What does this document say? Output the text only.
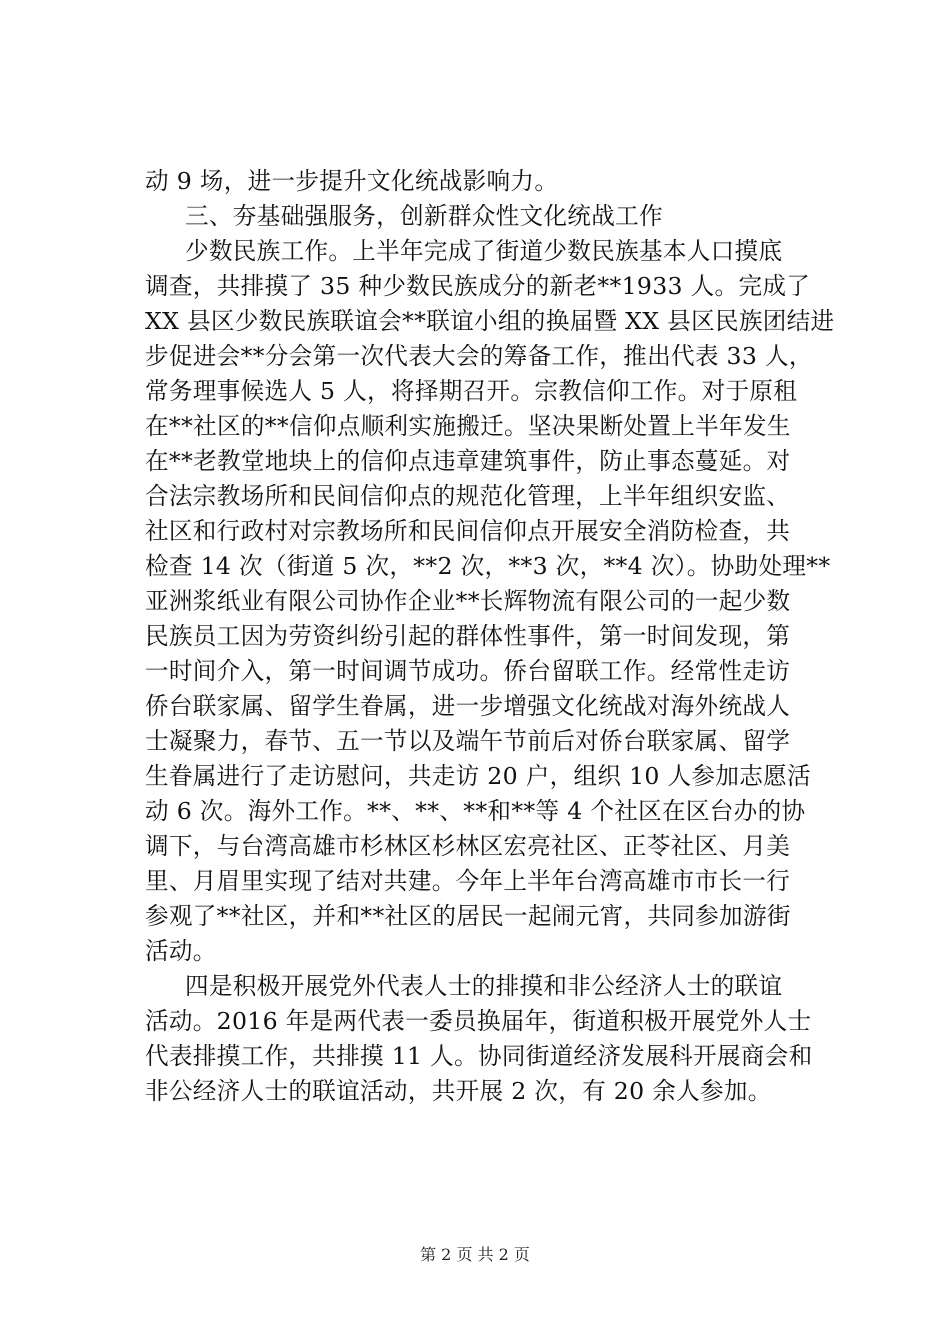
动 9 场，进一步提升文化统战影响力。
三、夯基础强服务，创新群众性文化统战工作
少数民族工作。上半年完成了街道少数民族基本人口摸底
调查，共排摸了 35 种少数民族成分的新老**1933 人。完成了
XX 县区少数民族联谊会**联谊小组的换届暨 XX 县区民族团结进
步促进会**分会第一次代表大会的筹备工作，推出代表 33 人，
常务理事候选人 5 人，将择期召开。宗教信仰工作。对于原租
在**社区的**信仰点顺利实施搬迁。坚决果断处置上半年发生
在**老教堂地块上的信仰点违章建筑事件，防止事态蔓延。对
合法宗教场所和民间信仰点的规范化管理，上半年组织安监、
社区和行政村对宗教场所和民间信仰点开展安全消防检查，共
检查 14 次（街道 5 次，**2 次，**3 次，**4 次）。协助处理**
亚洲浆纸业有限公司协作企业**长辉物流有限公司的一起少数
民族员工因为劳资纠纷引起的群体性事件，第一时间发现，第
一时间介入，第一时间调节成功。侨台留联工作。经常性走访
侨台联家属、留学生眷属，进一步增强文化统战对海外统战人
士凝聚力，春节、五一节以及端午节前后对侨台联家属、留学
生眷属进行了走访慰问，共走访 20 户，组织 10 人参加志愿活
动 6 次。海外工作。**、**、**和**等 4 个社区在区台办的协
调下，与台湾高雄市杉林区杉林区宏亮社区、正苓社区、月美
里、月眉里实现了结对共建。今年上半年台湾高雄市市长一行
参观了**社区，并和**社区的居民一起闹元宵，共同参加游街
活动。
四是积极开展党外代表人士的排摸和非公经济人士的联谊
活动。2016 年是两代表一委员换届年，街道积极开展党外人士
代表排摸工作，共排摸 11 人。协同街道经济发展科开展商会和
非公经济人士的联谊活动，共开展 2 次，有 20 余人参加。
第 2 页 共 2 页
